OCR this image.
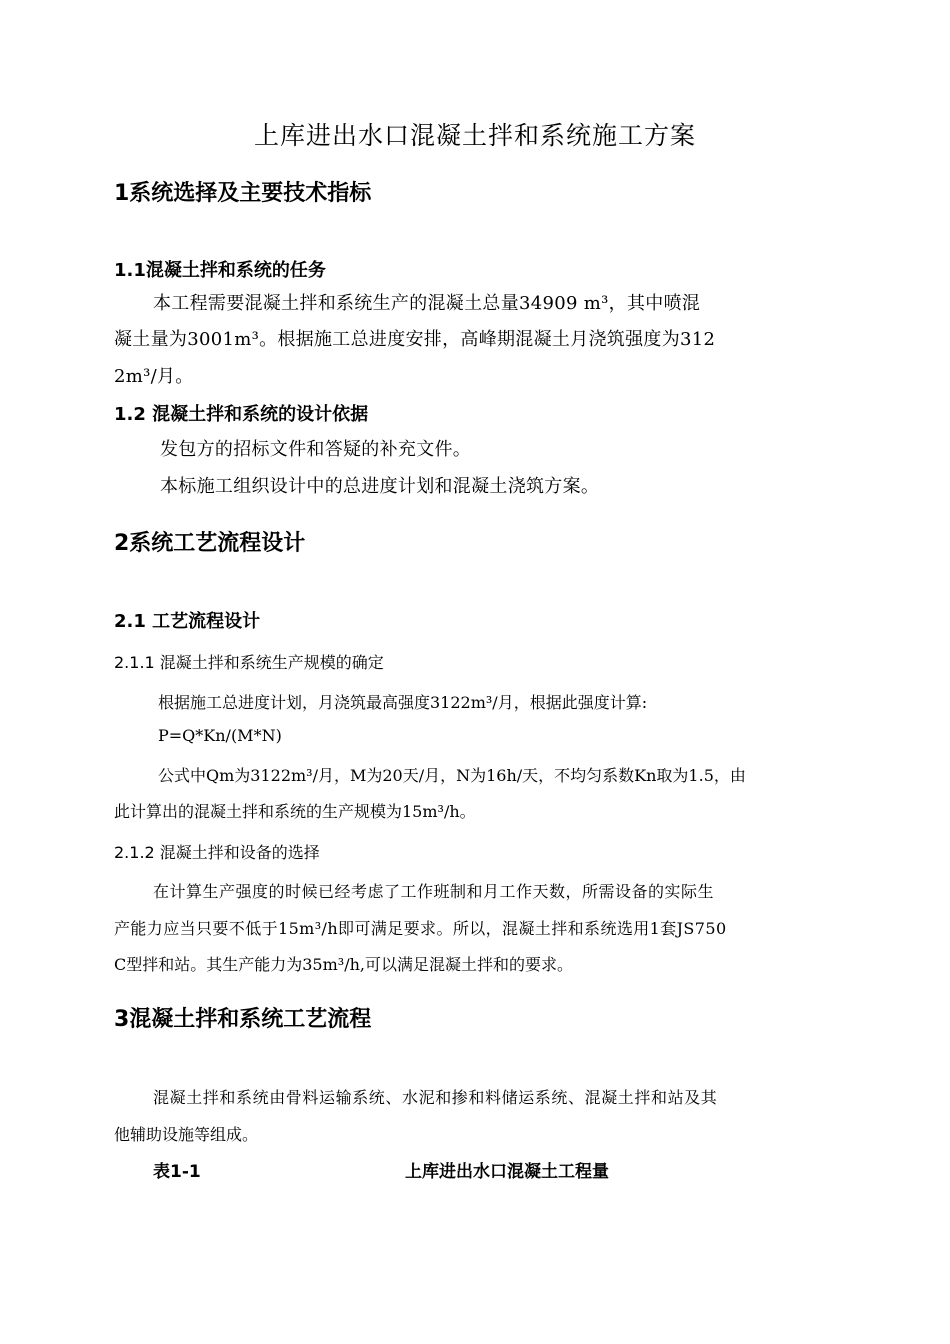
上库进出水口混凝土拌和系统施工方案
1系统选择及主要技术指标
1.1混凝土拌和系统的任务
本工程需要混凝土拌和系统生产的混凝土总量34909 m³，其中喷混
凝土量为3001m³。根据施工总进度安排，高峰期混凝土月浇筑强度为312
2m³/月。
1.2 混凝土拌和系统的设计依据
发包方的招标文件和答疑的补充文件。
本标施工组织设计中的总进度计划和混凝土浇筑方案。
2系统工艺流程设计
2.1 工艺流程设计
2.1.1 混凝土拌和系统生产规模的确定
根据施工总进度计划，月浇筑最高强度3122m³/月，根据此强度计算:
P=Q*Kn/(M*N)
公式中Qm为3122m³/月，M为20天/月，N为16h/天，不均匀系数Kn取为1.5，由
此计算出的混凝土拌和系统的生产规模为15m³/h。
2.1.2 混凝土拌和设备的选择
在计算生产强度的时候已经考虑了工作班制和月工作天数，所需设备的实际生
产能力应当只要不低于15m³/h即可满足要求。所以，混凝土拌和系统选用1套JS750
C型拌和站。其生产能力为35m³/h,可以满足混凝土拌和的要求。
3混凝土拌和系统工艺流程
混凝土拌和系统由骨料运输系统、水泥和掺和料储运系统、混凝土拌和站及其
他辅助设施等组成。
表1-1	上库进出水口混凝土工程量
